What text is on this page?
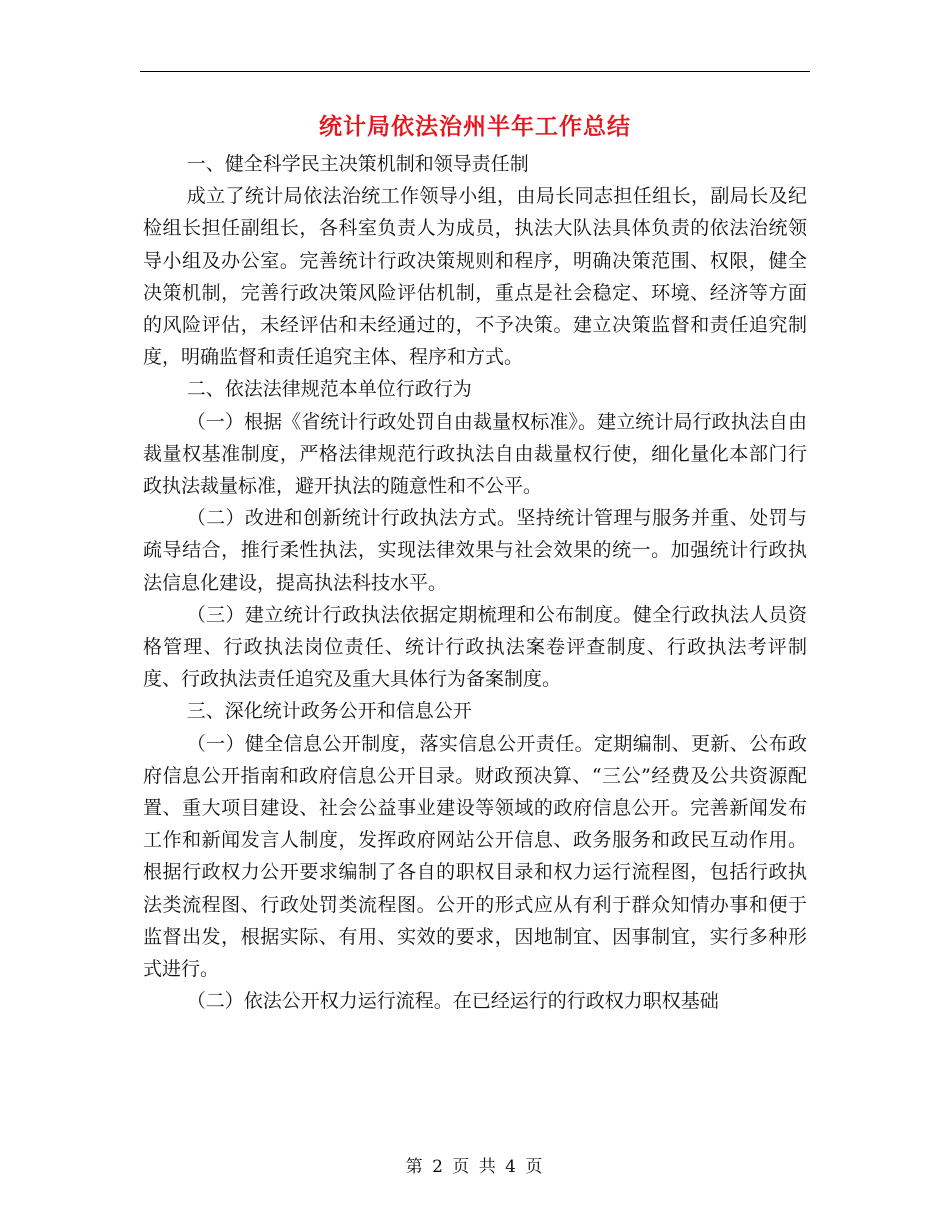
统计局依法治州半年工作总结

一、健全科学民主决策机制和领导责任制

成立了统计局依法治统工作领导小组，由局长同志担任组长，副局长及纪检组长担任副组长，各科室负责人为成员，执法大队法具体负责的依法治统领导小组及办公室。完善统计行政决策规则和程序，明确决策范围、权限，健全决策机制，完善行政决策风险评估机制，重点是社会稳定、环境、经济等方面的风险评估，未经评估和未经通过的，不予决策。建立决策监督和责任追究制度，明确监督和责任追究主体、程序和方式。

二、依法法律规范本单位行政行为

（一）根据《省统计行政处罚自由裁量权标准》。建立统计局行政执法自由裁量权基准制度，严格法律规范行政执法自由裁量权行使，细化量化本部门行政执法裁量标准，避开执法的随意性和不公平。

（二）改进和创新统计行政执法方式。坚持统计管理与服务并重、处罚与疏导结合，推行柔性执法，实现法律效果与社会效果的统一。加强统计行政执法信息化建设，提高执法科技水平。

（三）建立统计行政执法依据定期梳理和公布制度。健全行政执法人员资格管理、行政执法岗位责任、统计行政执法案卷评查制度、行政执法考评制度、行政执法责任追究及重大具体行为备案制度。

三、深化统计政务公开和信息公开

（一）健全信息公开制度，落实信息公开责任。定期编制、更新、公布政府信息公开指南和政府信息公开目录。财政预决算、“三公”经费及公共资源配置、重大项目建设、社会公益事业建设等领域的政府信息公开。完善新闻发布工作和新闻发言人制度，发挥政府网站公开信息、政务服务和政民互动作用。根据行政权力公开要求编制了各自的职权目录和权力运行流程图，包括行政执法类流程图、行政处罚类流程图。公开的形式应从有利于群众知情办事和便于监督出发，根据实际、有用、实效的要求，因地制宜、因事制宜，实行多种形式进行。

（二）依法公开权力运行流程。在已经运行的行政权力职权基础

第 2 页 共 4 页
